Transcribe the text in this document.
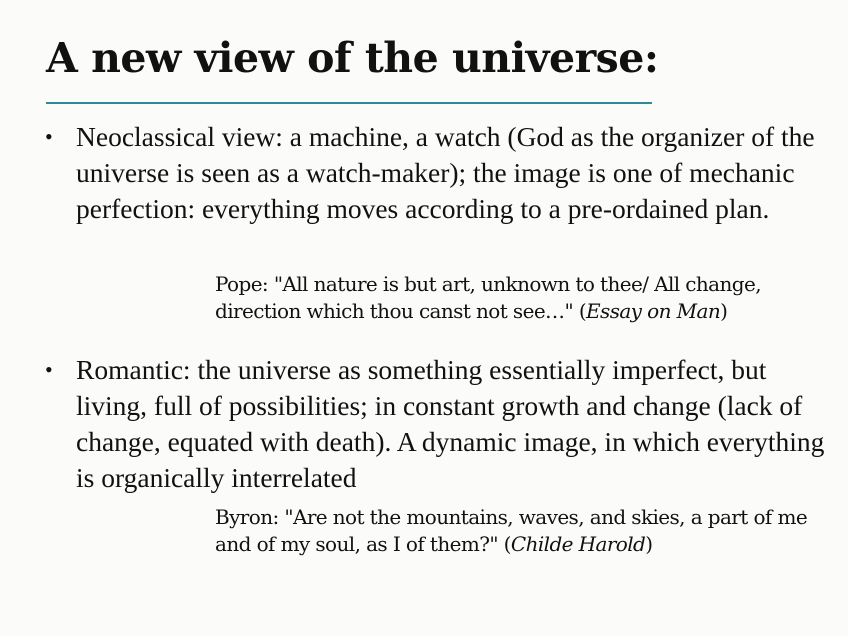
A new view of the universe:
• Neoclassical view: a machine, a watch (God as the organizer of the universe is seen as a watch-maker); the image is one of mechanic perfection: everything moves according to a pre-ordained plan.
Pope: "All nature is but art, unknown to thee/ All change, direction which thou canst not see…" (Essay on Man)
• Romantic: the universe as something essentially imperfect, but living, full of possibilities; in constant growth and change (lack of change, equated with death). A dynamic image, in which everything is organically interrelated
Byron: "Are not the mountains, waves, and skies, a part of me and of my soul, as I of them?" (Childe Harold)
